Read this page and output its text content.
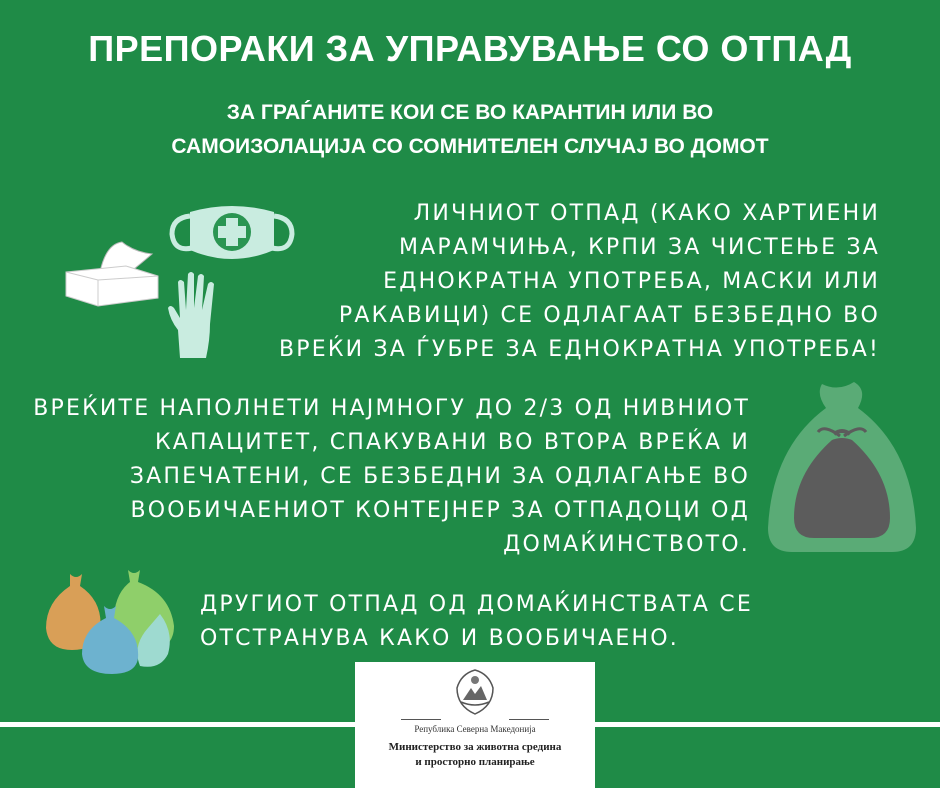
ПРЕПОРАКИ ЗА УПРАВУВАЊЕ СО ОТПАД
ЗА ГРАЃАНИТЕ КОИ СЕ ВО КАРАНТИН ИЛИ ВО
САМОИЗОЛАЦИЈА СО СОМНИТЕЛЕН СЛУЧАЈ ВО ДОМОТ
ЛИЧНИОТ ОТПАД (КАКО ХАРТИЕНИ
МАРАМЧИЊА, КРПИ ЗА ЧИСТЕЊЕ ЗА
ЕДНОКРАТНА УПОТРЕБА, МАСКИ ИЛИ
РАКАВИЦИ) СЕ ОДЛАГААТ БЕЗБЕДНО ВО
ВРЕЌИ ЗА ЃУБРЕ ЗА ЕДНОКРАТНА УПОТРЕБА!
ВРЕЌИТЕ НАПОЛНЕТИ НАЈМНОГУ ДО 2/3 ОД НИВНИОТ
КАПАЦИТЕТ, СПАКУВАНИ ВО ВТОРА ВРЕЌА И
ЗАПЕЧАТЕНИ, СЕ БЕЗБЕДНИ ЗА ОДЛАГАЊЕ ВО
ВООБИЧАЕНИОТ КОНТЕЈНЕР ЗА ОТПАДОЦИ ОД
ДОМАЌИНСТВОТО.
ДРУГИОТ ОТПАД ОД ДОМАЌИНСТВАТА СЕ
ОТСТРАНУВА КАКО И ВООБИЧАЕНО.
Република Северна Македонија
Министерство за животна средина
и просторно планирање
